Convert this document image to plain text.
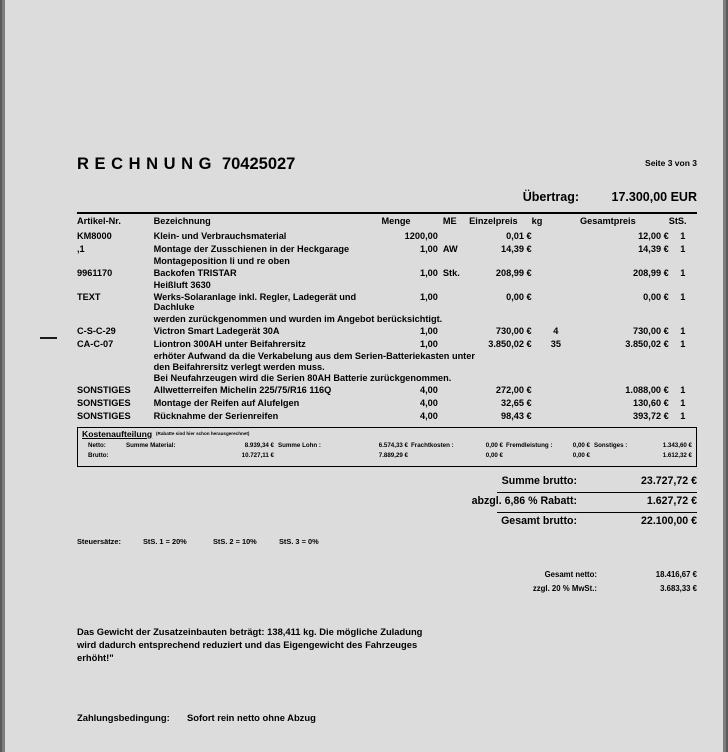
R E C H N U N G 70425027	Seite 3 von 3
Übertrag:	17.300,00 EUR
Artikel-Nr.	Bezeichnung	Menge	ME	Einzelpreis	kg	Gesamtpreis	StS.
KM8000	Klein- und Verbrauchsmaterial	1200,00		0,01 €		12,00 €	1
,1	Montage der Zusschienen in der Heckgarage	1,00	AW	14,39 €		14,39 €	1
	Montageposition li und re oben						
9961170	Backofen TRISTAR	1,00	Stk.	208,99 €		208,99 €	1
	Heißluft 3630						
TEXT	Werks-Solaranlage inkl. Regler, Ladegerät und Dachluke	1,00		0,00 €		0,00 €	1
	werden zurückgenommen und wurden im Angebot berücksichtigt.						
C-S-C-29	Victron Smart Ladegerät 30A	1,00		730,00 €	4	730,00 €	1
CA-C-07	Liontron 300AH unter Beifahrersitz	1,00		3.850,02 €	35	3.850,02 €	1
	erhöter Aufwand da die Verkabelung aus dem Serien-Batteriekasten unter						
	den Beifahrersitz verlegt werden muss.						
	Bei Neufahrzeugen wird die Serien 80AH Batterie zurückgenommen.						
SONSTIGES	Allwetterreifen Michelin 225/75/R16 116Q	4,00		272,00 €		1.088,00 €	1
SONSTIGES	Montage der Reifen auf Alufelgen	4,00		32,65 €		130,60 €	1
SONSTIGES	Rücknahme der Serienreifen	4,00		98,43 €		393,72 €	1
Kostenaufteilung (Rabatte sind hier schon herausgerechnet)
Netto:	Summe Material:	8.939,34 € Summe Lohn :	6.574,33 € Frachtkosten :	0,00 € Fremdleistung :	0,00 € Sonstiges :	1.343,60 €
Brutto:	10.727,11 €	7.889,29 €	0,00 €	0,00 €	1.612,32 €
Summe brutto:	23.727,72 €
abzgl. 6,86 % Rabatt:	1.627,72 €
Gesamt brutto:	22.100,00 €
Steuersätze:	StS. 1 = 20%	StS. 2 = 10%	StS. 3 = 0%
Gesamt netto:	18.416,67 €
zzgl. 20 % MwSt.:	3.683,33 €
Das Gewicht der Zusatzeinbauten beträgt: 138,411 kg. Die mögliche Zuladung
wird dadurch entsprechend reduziert und das Eigengewicht des Fahrzeuges
erhöht!"
Zahlungsbedingung: Sofort rein netto ohne Abzug
